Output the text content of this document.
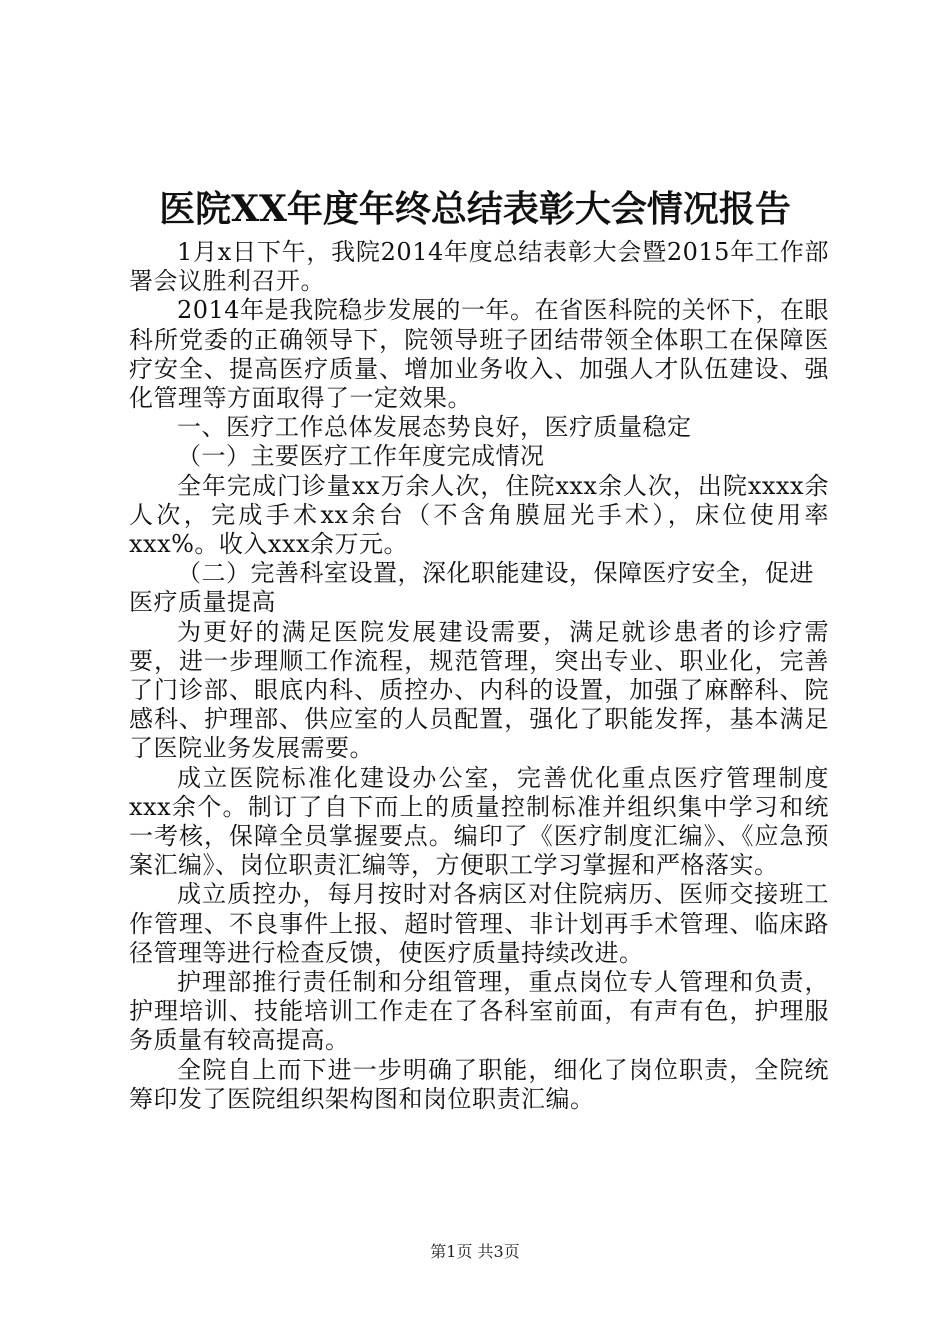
医院XX年度年终总结表彰大会情况报告

1月x日下午，我院2014年度总结表彰大会暨2015年工作部署会议胜利召开。

2014年是我院稳步发展的一年。在省医科院的关怀下，在眼科所党委的正确领导下，院领导班子团结带领全体职工在保障医疗安全、提高医疗质量、增加业务收入、加强人才队伍建设、强化管理等方面取得了一定效果。

一、医疗工作总体发展态势良好，医疗质量稳定

（一）主要医疗工作年度完成情况

全年完成门诊量xx万余人次，住院xxx余人次，出院xxxx余人次，完成手术xx余台（不含角膜屈光手术），床位使用率xxx%。收入xxx余万元。

（二）完善科室设置，深化职能建设，保障医疗安全，促进医疗质量提高

为更好的满足医院发展建设需要，满足就诊患者的诊疗需要，进一步理顺工作流程，规范管理，突出专业、职业化，完善了门诊部、眼底内科、质控办、内科的设置，加强了麻醉科、院感科、护理部、供应室的人员配置，强化了职能发挥，基本满足了医院业务发展需要。

成立医院标准化建设办公室，完善优化重点医疗管理制度xxx余个。制订了自下而上的质量控制标准并组织集中学习和统一考核，保障全员掌握要点。编印了《医疗制度汇编》、《应急预案汇编》、岗位职责汇编等，方便职工学习掌握和严格落实。

成立质控办，每月按时对各病区对住院病历、医师交接班工作管理、不良事件上报、超时管理、非计划再手术管理、临床路径管理等进行检查反馈，使医疗质量持续改进。

护理部推行责任制和分组管理，重点岗位专人管理和负责，护理培训、技能培训工作走在了各科室前面，有声有色，护理服务质量有较高提高。

全院自上而下进一步明确了职能，细化了岗位职责，全院统筹印发了医院组织架构图和岗位职责汇编。

第1页 共3页
